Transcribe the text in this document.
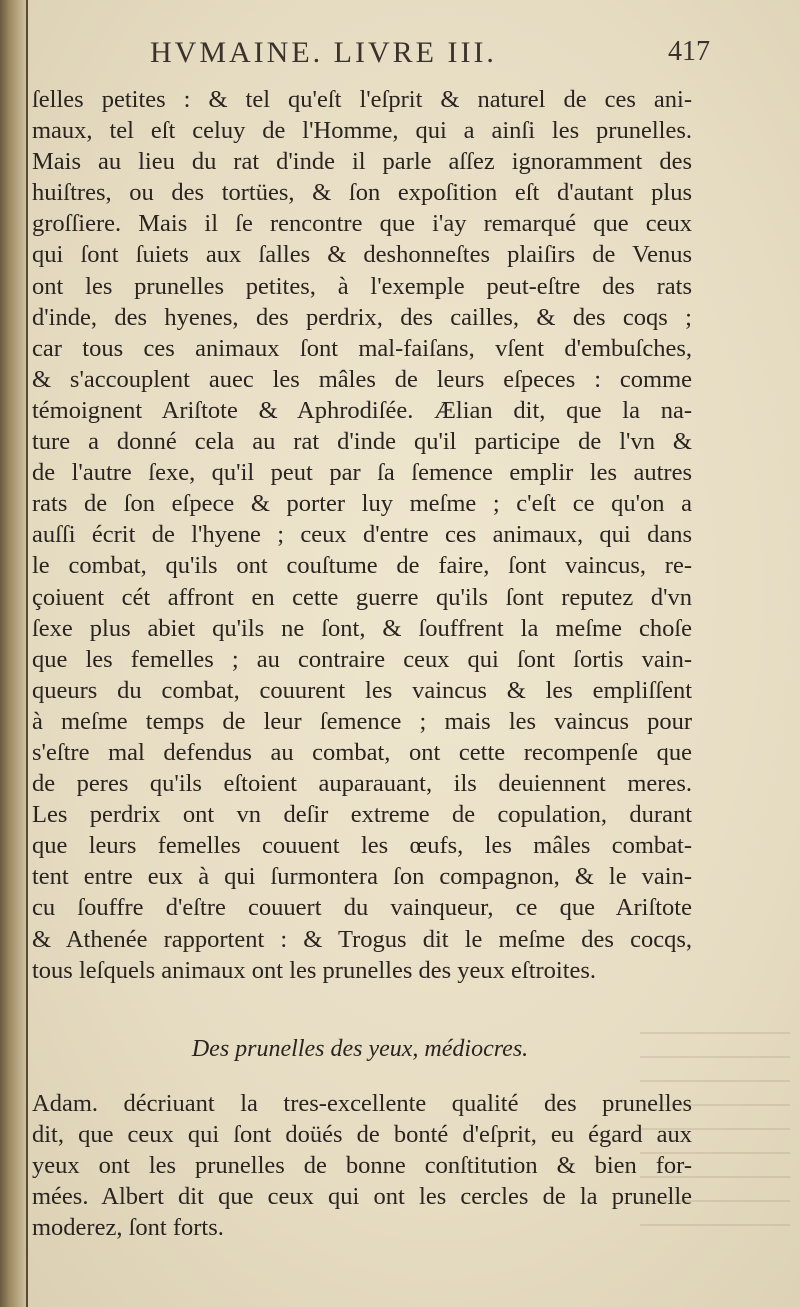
HVMAINE. LIVRE III.	417
ſelles petites : & tel qu'eſt l'eſprit & naturel de ces ani-
maux, tel eſt celuy de l'Homme, qui a ainſi les prunelles.
Mais au lieu du rat d'inde il parle aſſez ignoramment des
huiſtres, ou des tortües, & ſon expoſition eſt d'autant plus
groſſiere. Mais il ſe rencontre que i'ay remarqué que ceux
qui ſont ſuiets aux ſalles & deshonneſtes plaiſirs de Venus
ont les prunelles petites, à l'exemple peut-eſtre des rats
d'inde, des hyenes, des perdrix, des cailles, & des coqs ;
car tous ces animaux ſont mal-faiſans, vſent d'embuſches,
& s'accouplent auec les mâles de leurs eſpeces : comme
témoignent Ariſtote & Aphrodiſée. Ælian dit, que la na-
ture a donné cela au rat d'inde qu'il participe de l'vn &
de l'autre ſexe, qu'il peut par ſa ſemence emplir les autres
rats de ſon eſpece & porter luy meſme ; c'eſt ce qu'on a
auſſi écrit de l'hyene ; ceux d'entre ces animaux, qui dans
le combat, qu'ils ont couſtume de faire, ſont vaincus, re-
çoiuent cét affront en cette guerre qu'ils ſont reputez d'vn
ſexe plus abiet qu'ils ne ſont, & ſouffrent la meſme choſe
que les femelles ; au contraire ceux qui ſont ſortis vain-
queurs du combat, couurent les vaincus & les empliſſent
à meſme temps de leur ſemence ; mais les vaincus pour
s'eſtre mal defendus au combat, ont cette recompenſe que
de peres qu'ils eſtoient auparauant, ils deuiennent meres.
Les perdrix ont vn deſir extreme de copulation, durant
que leurs femelles couuent les œufs, les mâles combat-
tent entre eux à qui ſurmontera ſon compagnon, & le vain-
cu ſouffre d'eſtre couuert du vainqueur, ce que Ariſtote
& Athenée rapportent : & Trogus dit le meſme des cocqs,
tous leſquels animaux ont les prunelles des yeux eſtroites.
Des prunelles des yeux, médiocres.
Adam. décriuant la tres-excellente qualité des prunelles
dit, que ceux qui ſont doüés de bonté d'eſprit, eu égard aux
yeux ont les prunelles de bonne conſtitution & bien for-
mées. Albert dit que ceux qui ont les cercles de la prunelle
moderez, ſont forts.
